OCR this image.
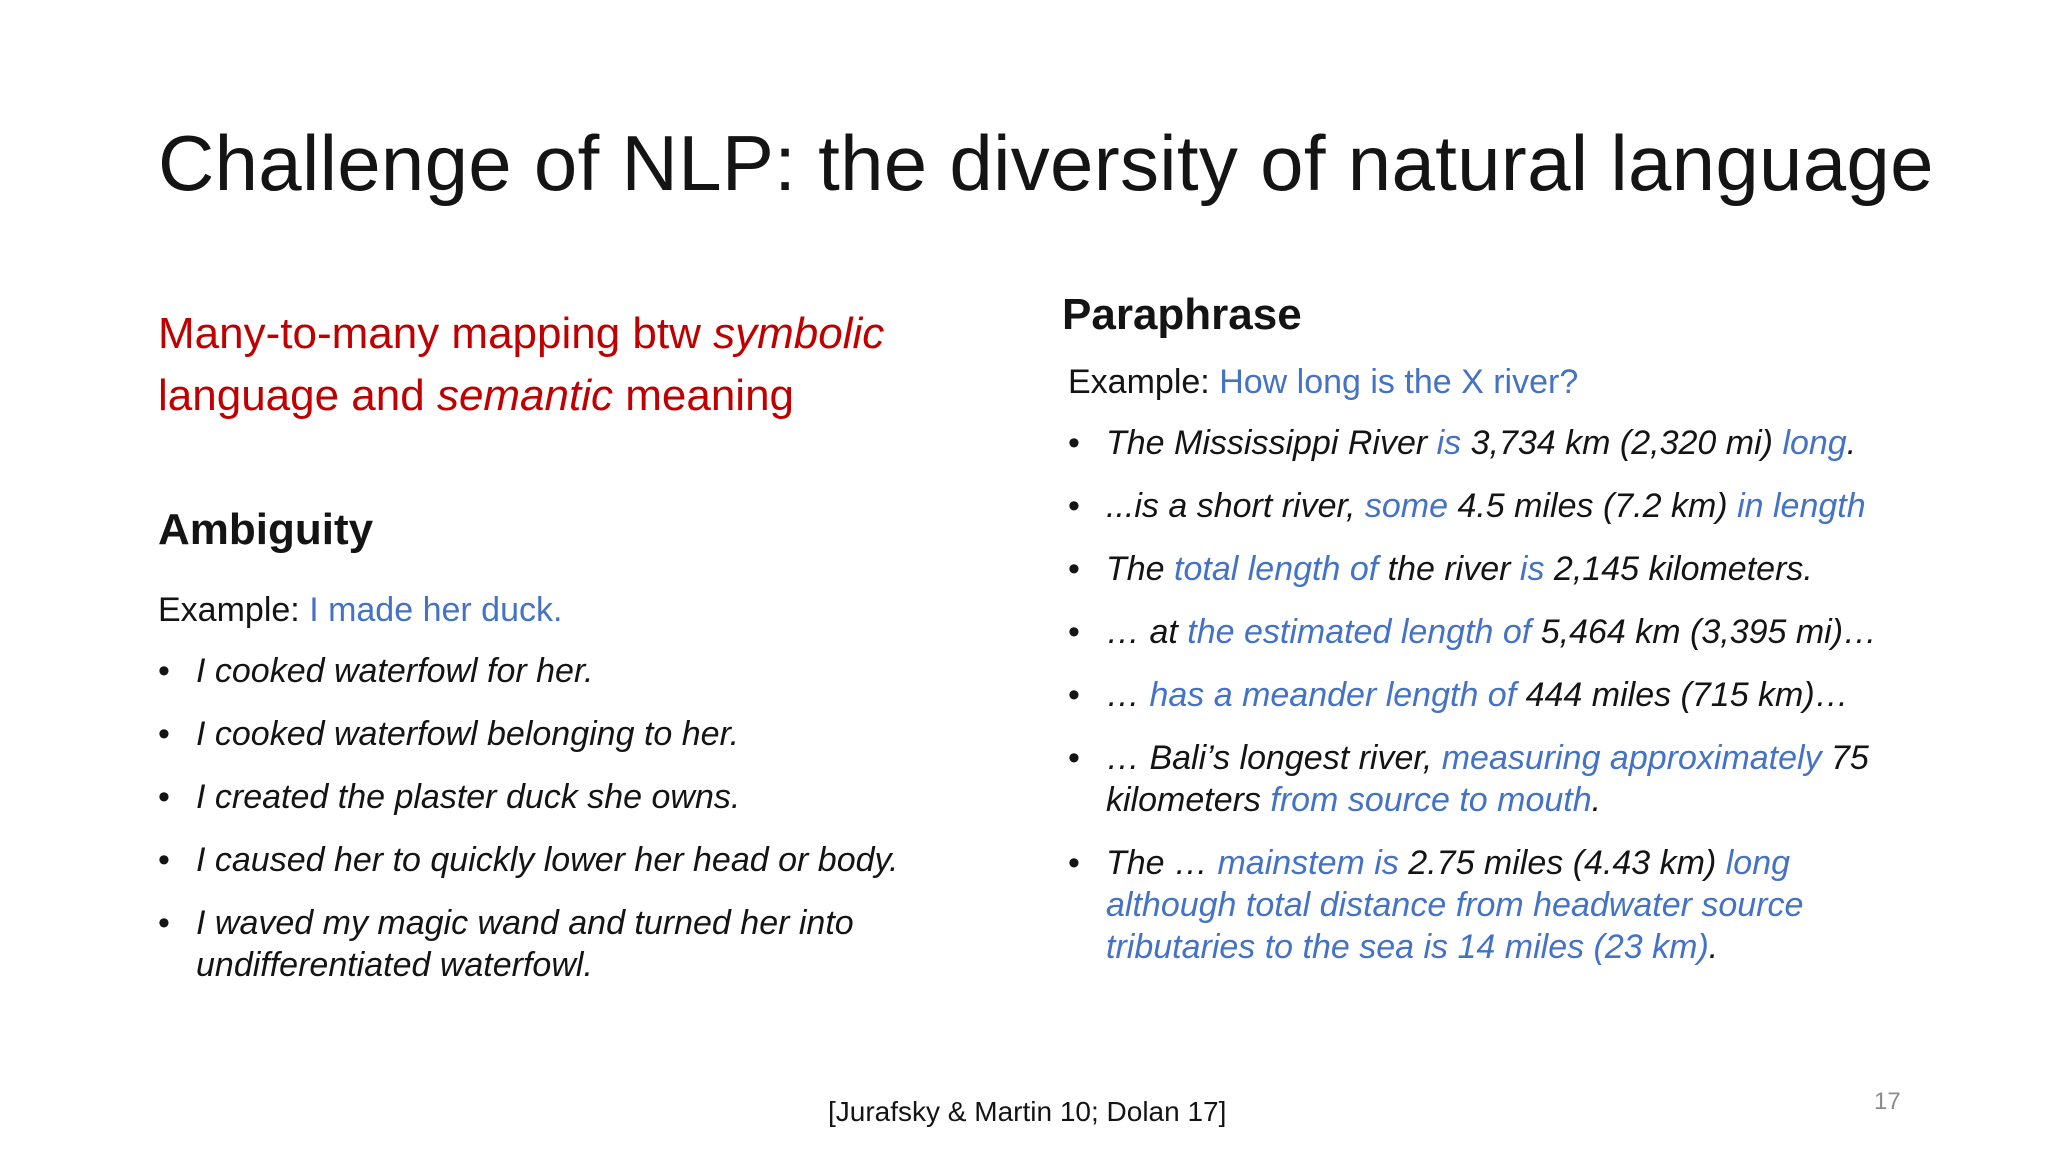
Challenge of NLP: the diversity of natural language

Many-to-many mapping btw symbolic
language and semantic meaning

Ambiguity

Example: I made her duck.

• I cooked waterfowl for her.
• I cooked waterfowl belonging to her.
• I created the plaster duck she owns.
• I caused her to quickly lower her head or body.
• I waved my magic wand and turned her into
undifferentiated waterfowl.
Paraphrase

Example: How long is the X river?

• The Mississippi River is 3,734 km (2,320 mi) long.
• ...is a short river, some 4.5 miles (7.2 km) in length
• The total length of the river is 2,145 kilometers.
• … at the estimated length of 5,464 km (3,395 mi)…
• … has a meander length of 444 miles (715 km)…
• … Bali’s longest river, measuring approximately 75
kilometers from source to mouth.
• The … mainstem is 2.75 miles (4.43 km) long
although total distance from headwater source
tributaries to the sea is 14 miles (23 km).

[Jurafsky & Martin 10; Dolan 17]	17
